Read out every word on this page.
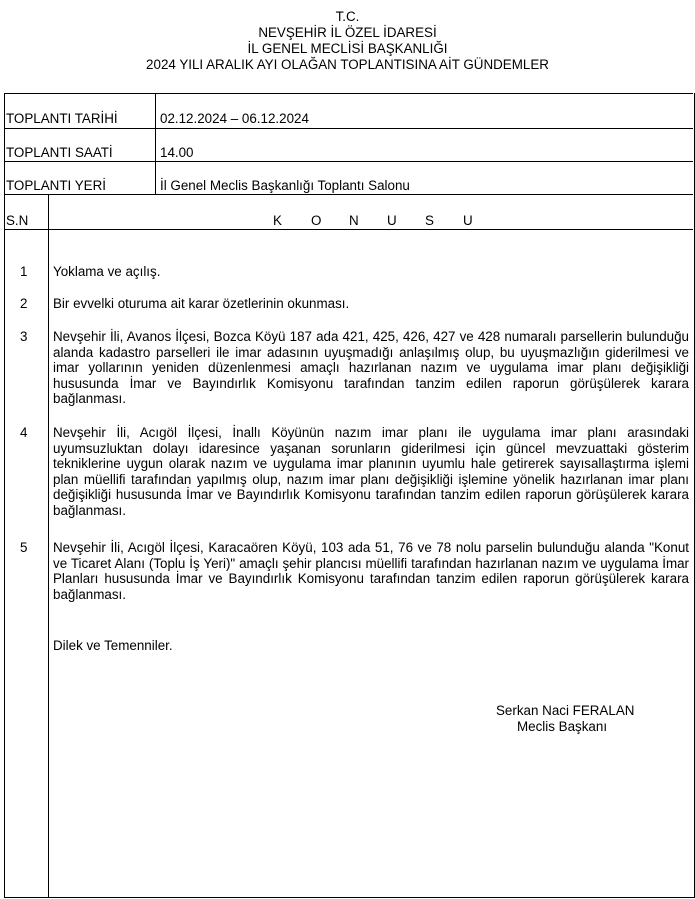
T.C.
NEVŞEHİR İL ÖZEL İDARESİ
İL GENEL MECLİSİ BAŞKANLIĞI
2024 YILI ARALIK AYI OLAĞAN TOPLANTISINA AİT GÜNDEMLER
TOPLANTI TARİHİ	02.12.2024 – 06.12.2024
TOPLANTI SAATİ	14.00
TOPLANTI YERİ	İl Genel Meclis Başkanlığı Toplantı Salonu
S.N	K O N U S U
1 Yoklama ve açılış.
2 Bir evvelki oturuma ait karar özetlerinin okunması.
3 Nevşehir İli, Avanos İlçesi, Bozca Köyü 187 ada 421, 425, 426, 427 ve 428 numaralı parsellerin bulunduğu alanda kadastro parselleri ile imar adasının uyuşmadığı anlaşılmış olup, bu uyuşmazlığın giderilmesi ve imar yollarının yeniden düzenlenmesi amaçlı hazırlanan nazım ve uygulama imar planı değişikliği hususunda İmar ve Bayındırlık Komisyonu tarafından tanzim edilen raporun görüşülerek karara bağlanması.
4 Nevşehir İli, Acıgöl İlçesi, İnallı Köyünün nazım imar planı ile uygulama imar planı arasındaki uyumsuzluktan dolayı idaresince yaşanan sorunların giderilmesi için güncel mevzuattaki gösterim tekniklerine uygun olarak nazım ve uygulama imar planının uyumlu hale getirerek sayısallaştırma işlemi plan müellifi tarafından yapılmış olup, nazım imar planı değişikliği işlemine yönelik hazırlanan imar planı değişikliği hususunda İmar ve Bayındırlık Komisyonu tarafından tanzim edilen raporun görüşülerek karara bağlanması.
5 Nevşehir İli, Acıgöl İlçesi, Karacaören Köyü, 103 ada 51, 76 ve 78 nolu parselin bulunduğu alanda "Konut ve Ticaret Alanı (Toplu İş Yeri)" amaçlı şehir plancısı müellifi tarafından hazırlanan nazım ve uygulama İmar Planları hususunda İmar ve Bayındırlık Komisyonu tarafından tanzim edilen raporun görüşülerek karara bağlanması.
Dilek ve Temenniler.
Serkan Naci FERALAN
Meclis Başkanı
